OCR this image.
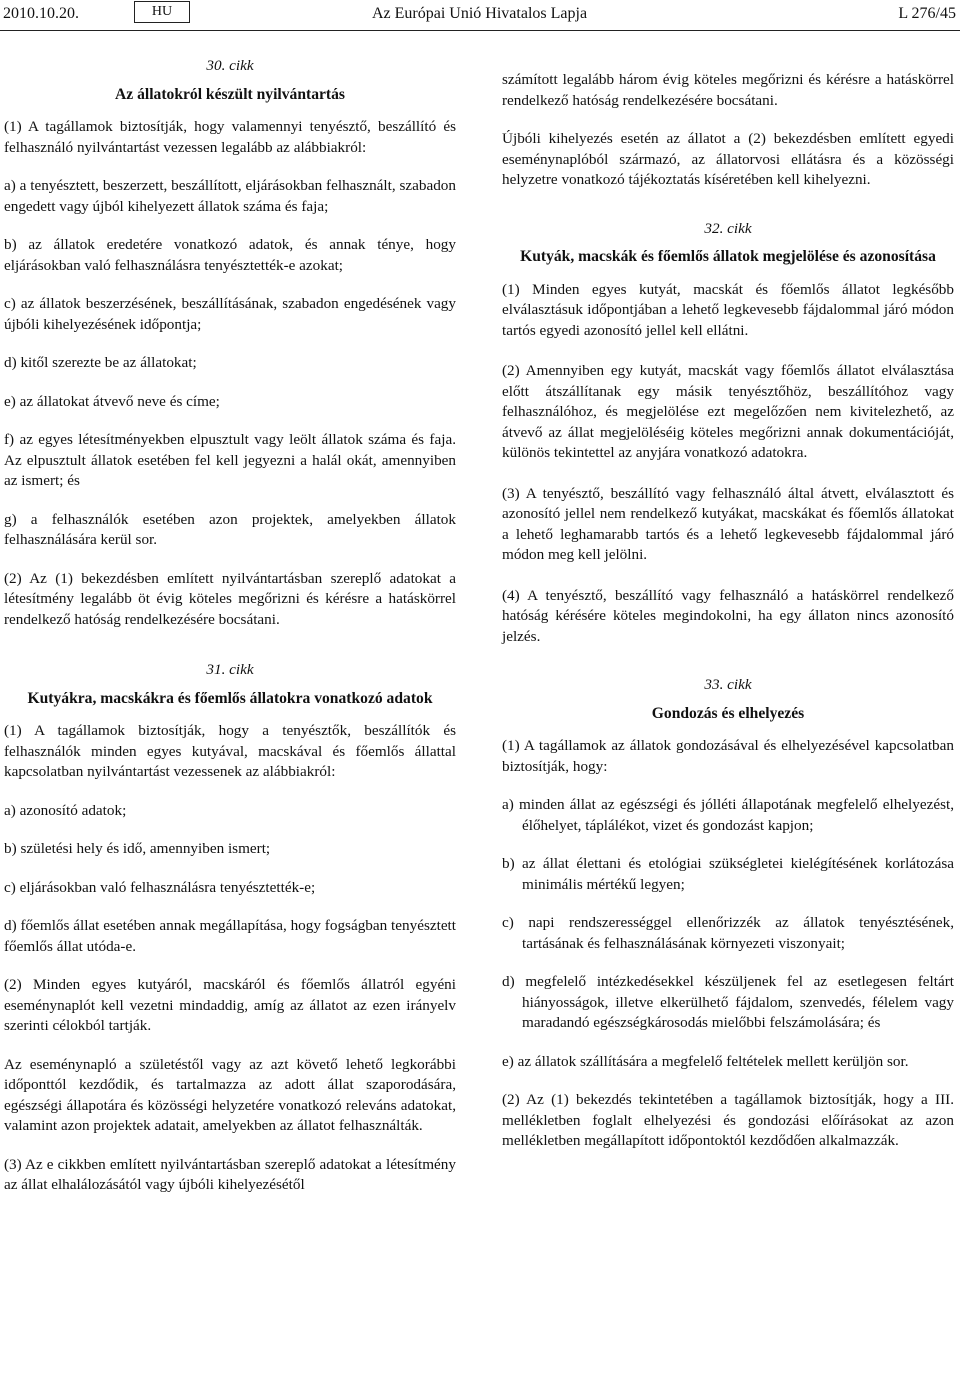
2010.10.20.	HU	Az Európai Unió Hivatalos Lapja	L 276/45

30. cikk

Az állatokról készült nyilvántartás

(1) A tagállamok biztosítják, hogy valamennyi tenyésztő, beszállító és felhasználó nyilvántartást vezessen legalább az alábbiakról:

a) a tenyésztett, beszerzett, beszállított, eljárásokban felhasznált, szabadon engedett vagy újból kihelyezett állatok száma és faja;

b) az állatok eredetére vonatkozó adatok, és annak ténye, hogy eljárásokban való felhasználásra tenyésztették-e azokat;

c) az állatok beszerzésének, beszállításának, szabadon engedésének vagy újbóli kihelyezésének időpontja;

d) kitől szerezte be az állatokat;

e) az állatokat átvevő neve és címe;

f) az egyes létesítményekben elpusztult vagy leölt állatok száma és faja. Az elpusztult állatok esetében fel kell jegyezni a halál okát, amennyiben az ismert; és

g) a felhasználók esetében azon projektek, amelyekben állatok felhasználására kerül sor.

(2) Az (1) bekezdésben említett nyilvántartásban szereplő adatokat a létesítmény legalább öt évig köteles megőrizni és kérésre a hatáskörrel rendelkező hatóság rendelkezésére bocsátani.

31. cikk

Kutyákra, macskákra és főemlős állatokra vonatkozó adatok

(1) A tagállamok biztosítják, hogy a tenyésztők, beszállítók és felhasználók minden egyes kutyával, macskával és főemlős állattal kapcsolatban nyilvántartást vezessenek az alábbiakról:

a) azonosító adatok;

b) születési hely és idő, amennyiben ismert;

c) eljárásokban való felhasználásra tenyésztették-e;

d) főemlős állat esetében annak megállapítása, hogy fogságban tenyésztett főemlős állat utóda-e.

(2) Minden egyes kutyáról, macskáról és főemlős állatról egyéni eseménynaplót kell vezetni mindaddig, amíg az állatot az ezen irányelv szerinti célokból tartják.

Az eseménynapló a születéstől vagy az azt követő lehető legkorábbi időponttól kezdődik, és tartalmazza az adott állat szaporodására, egészségi állapotára és közösségi helyzetére vonatkozó releváns adatokat, valamint azon projektek adatait, amelyekben az állatot felhasználták.

(3) Az e cikkben említett nyilvántartásban szereplő adatokat a létesítmény az állat elhalálozásától vagy újbóli kihelyezésétől

számított legalább három évig köteles megőrizni és kérésre a hatáskörrel rendelkező hatóság rendelkezésére bocsátani.

Újbóli kihelyezés esetén az állatot a (2) bekezdésben említett egyedi eseménynaplóból származó, az állatorvosi ellátásra és a közösségi helyzetre vonatkozó tájékoztatás kíséretében kell kihelyezni.

32. cikk

Kutyák, macskák és főemlős állatok megjelölése és azonosítása

(1) Minden egyes kutyát, macskát és főemlős állatot legkésőbb elválasztásuk időpontjában a lehető legkevesebb fájdalommal járó módon tartós egyedi azonosító jellel kell ellátni.

(2) Amennyiben egy kutyát, macskát vagy főemlős állatot elválasztása előtt átszállítanak egy másik tenyésztőhöz, beszállítóhoz vagy felhasználóhoz, és megjelölése ezt megelőzően nem kivitelezhető, az átvevő az állat megjelöléséig köteles megőrizni annak dokumentációját, különös tekintettel az anyjára vonatkozó adatokra.

(3) A tenyésztő, beszállító vagy felhasználó által átvett, elválasztott és azonosító jellel nem rendelkező kutyákat, macskákat és főemlős állatokat a lehető leghamarabb tartós és a lehető legkevesebb fájdalommal járó módon meg kell jelölni.

(4) A tenyésztő, beszállító vagy felhasználó a hatáskörrel rendelkező hatóság kérésére köteles megindokolni, ha egy állaton nincs azonosító jelzés.

33. cikk

Gondozás és elhelyezés

(1) A tagállamok az állatok gondozásával és elhelyezésével kapcsolatban biztosítják, hogy:

a) minden állat az egészségi és jólléti állapotának megfelelő elhelyezést, élőhelyet, táplálékot, vizet és gondozást kapjon;

b) az állat élettani és etológiai szükségletei kielégítésének korlátozása minimális mértékű legyen;

c) napi rendszerességgel ellenőrizzék az állatok tenyésztésének, tartásának és felhasználásának környezeti viszonyait;

d) megfelelő intézkedésekkel készüljenek fel az esetlegesen feltárt hiányosságok, illetve elkerülhető fájdalom, szenvedés, félelem vagy maradandó egészségkárosodás mielőbbi felszámolására; és

e) az állatok szállítására a megfelelő feltételek mellett kerüljön sor.

(2) Az (1) bekezdés tekintetében a tagállamok biztosítják, hogy a III. mellékletben foglalt elhelyezési és gondozási előírásokat az azon mellékletben megállapított időpontoktól kezdődően alkalmazzák.
